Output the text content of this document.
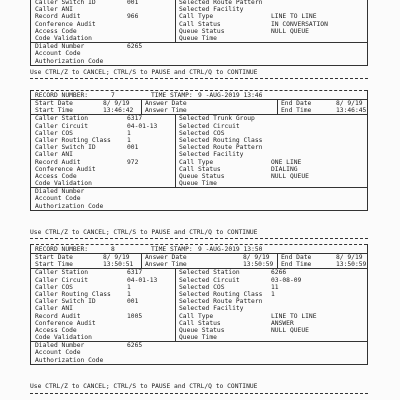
Caller Switch ID	001	Selected Route Pattern
Caller ANI	Selected Facility
Record Audit	966	Call Type	LINE TO LINE
Conference Audit	Call Status	IN CONVERSATION
Access Code	Queue Status	NULL QUEUE
Code Validation	Queue Time
Dialed Number	6265
Account Code
Authorization Code
Use CTRL/Z to CANCEL; CTRL/S to PAUSE and CTRL/Q to CONTINUE
RECORD NUMBER:	7	TIME STAMP: 9 -AUG-2019 13:46
Start Date	8/ 9/19 Answer Date	End Date	8/ 9/19
Start Time	13:46:42 Answer Time	End Time	13:46:45
Caller Station	6317	Selected Trunk Group
Caller Circuit	04-01-13	Selected Circuit
Caller COS	1	Selected COS
Caller Routing Class	1	Selected Routing Class
Caller Switch ID	001	Selected Route Pattern
Caller ANI	Selected Facility
Record Audit	972	Call Type	ONE LINE
Conference Audit	Call Status	DIALING
Access Code	Queue Status	NULL QUEUE
Code Validation	Queue Time
Dialed Number
Account Code
Authorization Code
Use CTRL/Z to CANCEL; CTRL/S to PAUSE and CTRL/Q to CONTINUE
RECORD NUMBER:	8	TIME STAMP: 9 -AUG-2019 13:50
Start Date	8/ 9/19 Answer Date	8/ 9/19 End Date	8/ 9/19
Start Time	13:50:51 Answer Time	13:50:59 End Time	13:50:59
Caller Station	6317	Selected Station	6266
Caller Circuit	04-01-13	Selected Circuit	03-08-09
Caller COS	1	Selected COS	11
Caller Routing Class	1	Selected Routing Class 1
Caller Switch ID	001	Selected Route Pattern
Caller ANI	Selected Facility
Record Audit	1005	Call Type	LINE TO LINE
Conference Audit	Call Status	ANSWER
Access Code	Queue Status	NULL QUEUE
Code Validation	Queue Time
Dialed Number	6265
Account Code
Authorization Code
Use CTRL/Z to CANCEL; CTRL/S to PAUSE and CTRL/Q to CONTINUE
